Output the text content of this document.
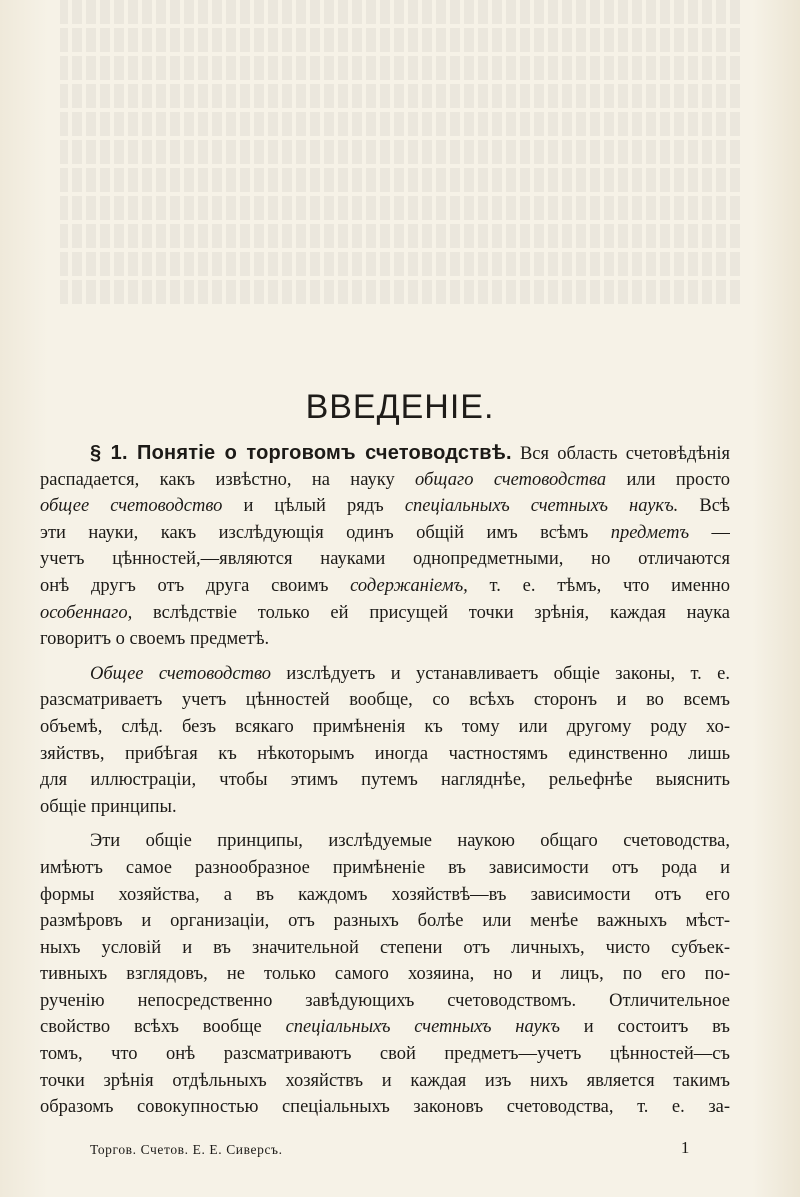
ВВЕДЕНІЕ.
§ 1. Понятіе о торговомъ счетоводствѣ. Вся область счетовѣдѣнія
распадается, какъ извѣстно, на науку общаго счетоводства или просто
общее счетоводство и цѣлый рядъ спеціальныхъ счетныхъ наукъ. Всѣ
эти науки, какъ изслѣдующія одинъ общій имъ всѣмъ предметъ —
учетъ цѣнностей,—являются науками однопредметными, но отличаются
онѣ другъ отъ друга своимъ содержаніемъ, т. е. тѣмъ, что именно
особеннаго, вслѣдствіе только ей присущей точки зрѣнія, каждая наука
говоритъ о своемъ предметѣ.
Общее счетоводство изслѣдуетъ и устанавливаетъ общіе законы, т. е.
разсматриваетъ учетъ цѣнностей вообще, со всѣхъ сторонъ и во всемъ
объемѣ, слѣд. безъ всякаго примѣненія къ тому или другому роду хо-
зяйствъ, прибѣгая къ нѣкоторымъ иногда частностямъ единственно лишь
для иллюстраціи, чтобы этимъ путемъ нагляднѣе, рельефнѣе выяснить
общіе принципы.
Эти общіе принципы, изслѣдуемые наукою общаго счетоводства,
имѣютъ самое разнообразное примѣненіе въ зависимости отъ рода и
формы хозяйства, а въ каждомъ хозяйствѣ—въ зависимости отъ его
размѣровъ и организаціи, отъ разныхъ болѣе или менѣе важныхъ мѣст-
ныхъ условій и въ значительной степени отъ личныхъ, чисто субъек-
тивныхъ взглядовъ, не только самого хозяина, но и лицъ, по его по-
рученію непосредственно завѣдующихъ счетоводствомъ. Отличительное
свойство всѣхъ вообще спеціальныхъ счетныхъ наукъ и состоитъ въ
томъ, что онѣ разсматриваютъ свой предметъ—учетъ цѣнностей—съ
точки зрѣнія отдѣльныхъ хозяйствъ и каждая изъ нихъ является такимъ
образомъ совокупностью спеціальныхъ законовъ счетоводства, т. е. за-
Торгов. Счетов. Е. Е. Сиверсъ.	1
